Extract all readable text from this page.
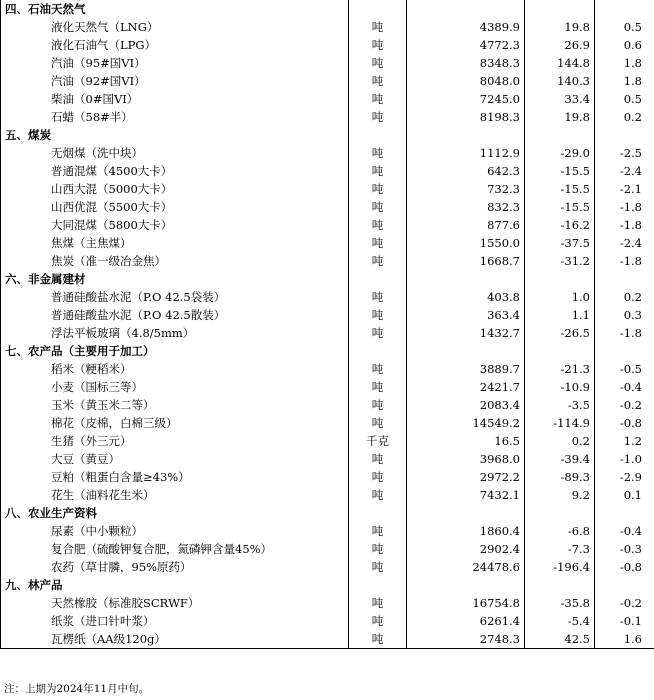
四、石油天然气				
液化天然气（LNG）	吨	4389.9	19.8	0.5
液化石油气（LPG）	吨	4772.3	26.9	0.6
汽油（95#国VI）	吨	8348.3	144.8	1.8
汽油（92#国VI）	吨	8048.0	140.3	1.8
柴油（0#国VI）	吨	7245.0	33.4	0.5
石蜡（58#半）	吨	8198.3	19.8	0.2
五、煤炭				
无烟煤（洗中块）	吨	1112.9	-29.0	-2.5
普通混煤（4500大卡）	吨	642.3	-15.5	-2.4
山西大混（5000大卡）	吨	732.3	-15.5	-2.1
山西优混（5500大卡）	吨	832.3	-15.5	-1.8
大同混煤（5800大卡）	吨	877.6	-16.2	-1.8
焦煤（主焦煤）	吨	1550.0	-37.5	-2.4
焦炭（准一级冶金焦）	吨	1668.7	-31.2	-1.8
六、非金属建材				
普通硅酸盐水泥（P.O 42.5袋装）	吨	403.8	1.0	0.2
普通硅酸盐水泥（P.O 42.5散装）	吨	363.4	1.1	0.3
浮法平板玻璃（4.8/5mm）	吨	1432.7	-26.5	-1.8
七、农产品（主要用于加工）				
稻米（粳稻米）	吨	3889.7	-21.3	-0.5
小麦（国标三等）	吨	2421.7	-10.9	-0.4
玉米（黄玉米二等）	吨	2083.4	-3.5	-0.2
棉花（皮棉，白棉三级）	吨	14549.2	-114.9	-0.8
生猪（外三元）	千克	16.5	0.2	1.2
大豆（黄豆）	吨	3968.0	-39.4	-1.0
豆粕（粗蛋白含量≥43%）	吨	2972.2	-89.3	-2.9
花生（油料花生米）	吨	7432.1	9.2	0.1
八、农业生产资料				
尿素（中小颗粒）	吨	1860.4	-6.8	-0.4
复合肥（硫酸钾复合肥，氮磷钾含量45%）	吨	2902.4	-7.3	-0.3
农药（草甘膦，95%原药）	吨	24478.6	-196.4	-0.8
九、林产品				
天然橡胶（标准胶SCRWF）	吨	16754.8	-35.8	-0.2
纸浆（进口针叶浆）	吨	6261.4	-5.4	-0.1
瓦楞纸（AA级120g）	吨	2748.3	42.5	1.6
注：上期为2024年11月中旬。
